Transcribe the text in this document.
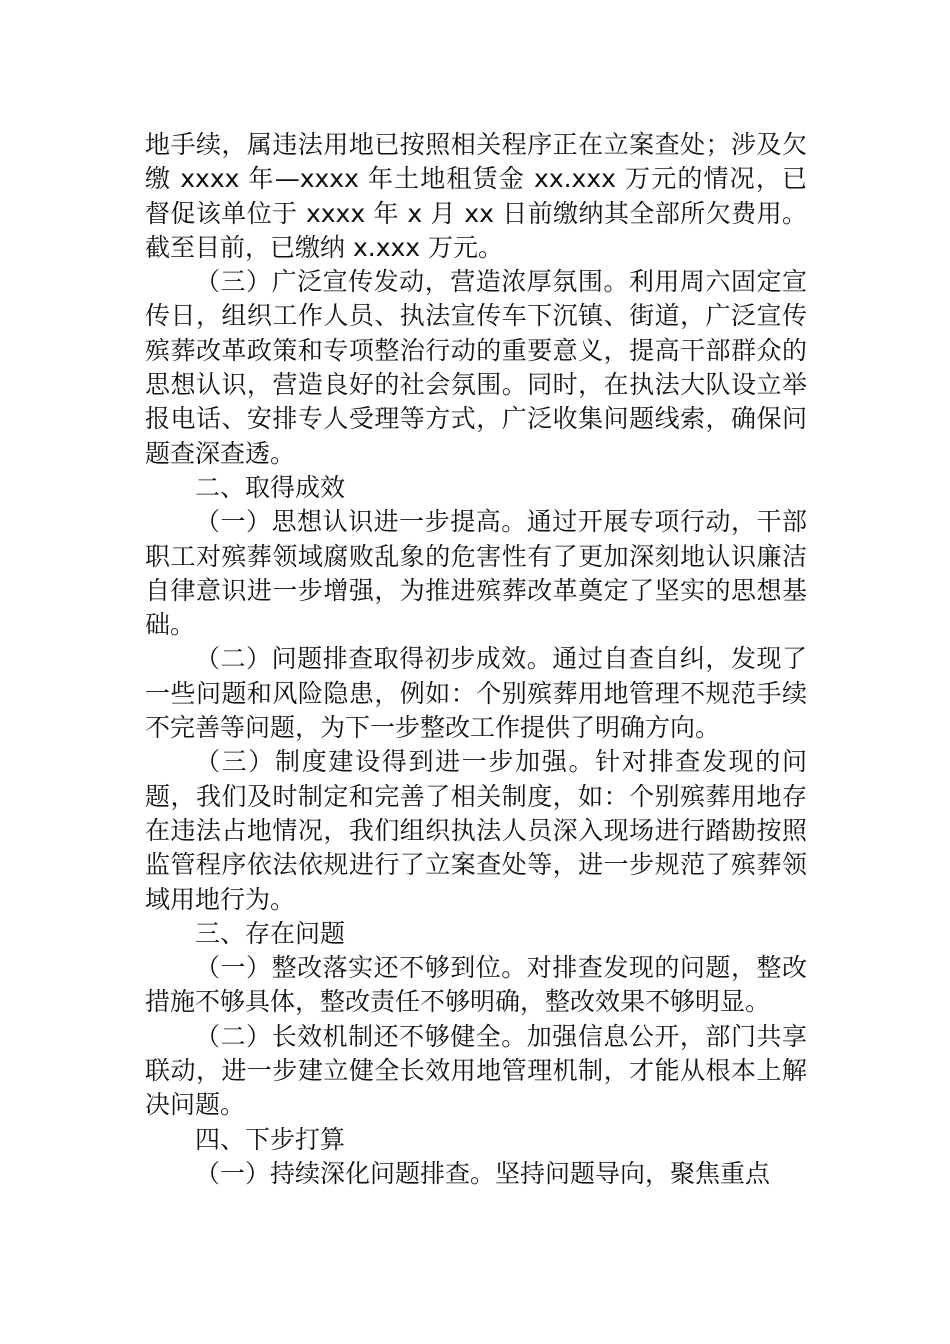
地手续，属违法用地已按照相关程序正在立案查处；涉及欠缴 xxxx 年—xxxx 年土地租赁金 xx.xxx 万元的情况，已督促该单位于 xxxx 年 x 月 xx 日前缴纳其全部所欠费用。截至目前，已缴纳 x.xxx 万元。

（三）广泛宣传发动，营造浓厚氛围。利用周六固定宣传日，组织工作人员、执法宣传车下沉镇、街道，广泛宣传殡葬改革政策和专项整治行动的重要意义，提高干部群众的思想认识，营造良好的社会氛围。同时，在执法大队设立举报电话、安排专人受理等方式，广泛收集问题线索，确保问题查深查透。

二、取得成效

（一）思想认识进一步提高。通过开展专项行动，干部职工对殡葬领域腐败乱象的危害性有了更加深刻地认识廉洁自律意识进一步增强，为推进殡葬改革奠定了坚实的思想基础。

（二）问题排查取得初步成效。通过自查自纠，发现了一些问题和风险隐患，例如：个别殡葬用地管理不规范手续不完善等问题，为下一步整改工作提供了明确方向。

（三）制度建设得到进一步加强。针对排查发现的问题，我们及时制定和完善了相关制度，如：个别殡葬用地存在违法占地情况，我们组织执法人员深入现场进行踏勘按照监管程序依法依规进行了立案查处等，进一步规范了殡葬领域用地行为。

三、存在问题

（一）整改落实还不够到位。对排查发现的问题，整改措施不够具体，整改责任不够明确，整改效果不够明显。

（二）长效机制还不够健全。加强信息公开，部门共享联动，进一步建立健全长效用地管理机制，才能从根本上解决问题。

四、下步打算

（一）持续深化问题排查。坚持问题导向，聚焦重点
